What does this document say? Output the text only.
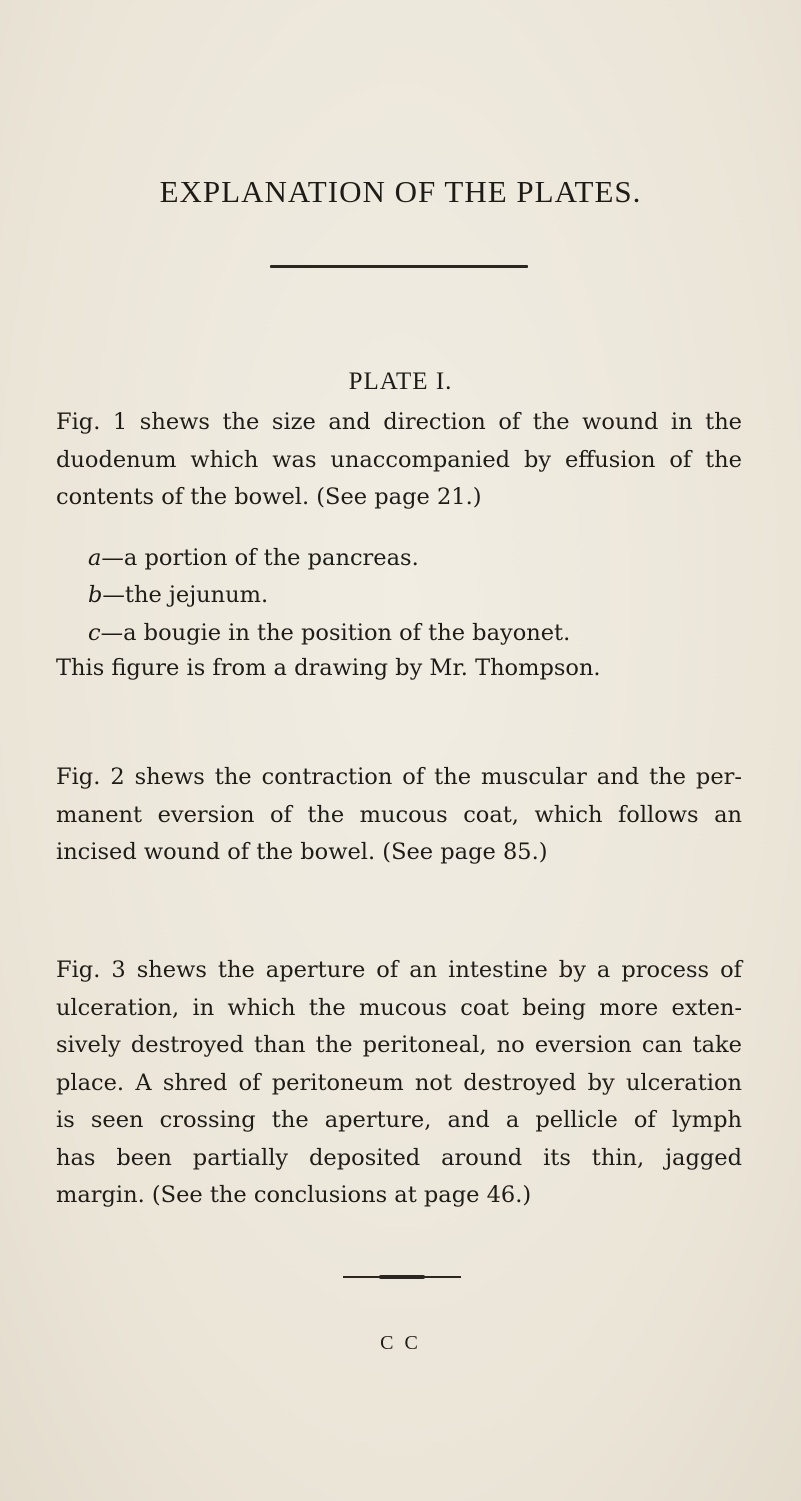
EXPLANATION OF THE PLATES.
PLATE I.

Fig. 1 shews the size and direction of the wound in the
duodenum which was unaccompanied by effusion of the
contents of the bowel. (See page 21.)

a—a portion of the pancreas.

b—the jejunum.

c—a bougie in the position of the bayonet.

This figure is from a drawing by Mr. Thompson.

Fig. 2 shews the contraction of the muscular and the per-
manent eversion of the mucous coat, which follows an
incised wound of the bowel. (See page 85.)

Fig. 3 shews the aperture of an intestine by a process of
ulceration, in which the mucous coat being more exten-
sively destroyed than the peritoneal, no eversion can take
place. A shred of peritoneum not destroyed by ulceration
is seen crossing the aperture, and a pellicle of lymph
has been partially deposited around its thin, jagged
margin. (See the conclusions at page 46.)

C C
